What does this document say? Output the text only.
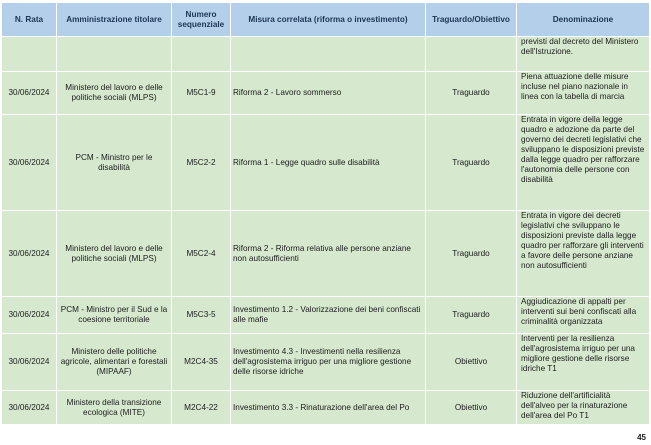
N. Rata	Amministrazione titolare	Numero sequenziale	Misura correlata (riforma o investimento)	Traguardo/Obiettivo	Denominazione
					previsti dal decreto del Ministero dell'Istruzione.
30/06/2024	Ministero del lavoro e delle politiche sociali (MLPS)	M5C1-9	Riforma 2 - Lavoro sommerso	Traguardo	Piena attuazione delle misure incluse nel piano nazionale in linea con la tabella di marcia
30/06/2024	PCM - Ministro per le disabilità	M5C2-2	Riforma 1 - Legge quadro sulle disabilità	Traguardo	Entrata in vigore della legge quadro e adozione da parte del governo dei decreti legislativi che sviluppano le disposizioni previste dalla legge quadro per rafforzare l'autonomia delle persone con disabilità
30/06/2024	Ministero del lavoro e delle politiche sociali (MLPS)	M5C2-4	Riforma 2 - Riforma relativa alle persone anziane non autosufficienti	Traguardo	Entrata in vigore dei decreti legislativi che sviluppano le disposizioni previste dalla legge quadro per rafforzare gli interventi a favore delle persone anziane non autosufficienti
30/06/2024	PCM - Ministro per il Sud e la coesione territoriale	M5C3-5	Investimento 1.2 - Valorizzazione dei beni confiscati alle mafie	Traguardo	Aggiudicazione di appalti per interventi sui beni confiscati alla criminalità organizzata
30/06/2024	Ministero delle politiche agricole, alimentari e forestali (MIPAAF)	M2C4-35	Investimento 4.3 - Investimenti nella resilienza dell'agrosistema irriguo per una migliore gestione delle risorse idriche	Obiettivo	Interventi per la resilienza dell'agrosistema irriguo per una migliore gestione delle risorse idriche T1
30/06/2024	Ministero della transizione ecologica (MITE)	M2C4-22	Investimento 3.3 - Rinaturazione dell'area del Po	Obiettivo	Riduzione dell'artificialità dell'alveo per la rinaturazione dell'area del Po T1
45
